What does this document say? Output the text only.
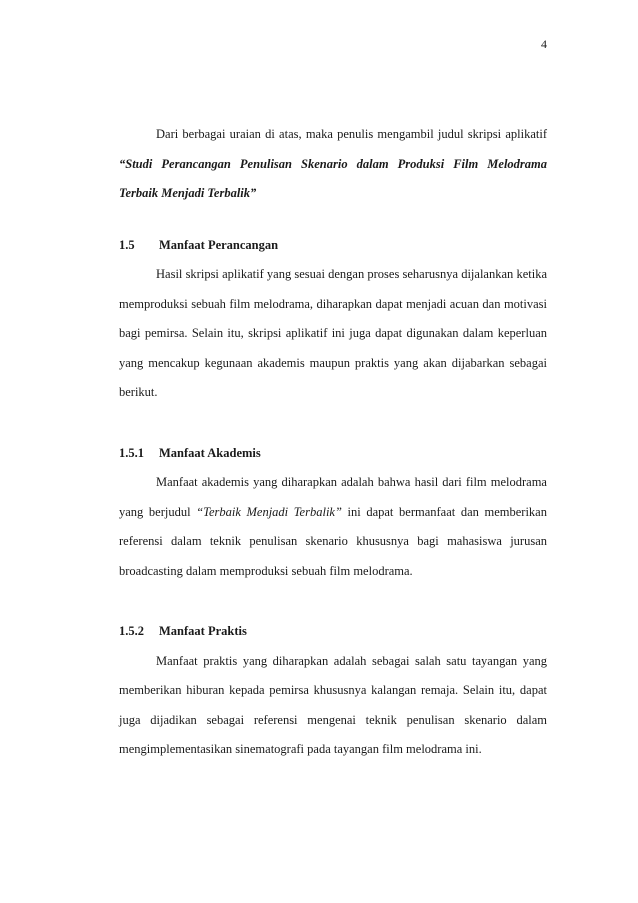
4

Dari berbagai uraian di atas, maka penulis mengambil judul skripsi aplikatif “Studi Perancangan Penulisan Skenario dalam Produksi Film Melodrama Terbaik Menjadi Terbalik”

1.5	Manfaat Perancangan

Hasil skripsi aplikatif yang sesuai dengan proses seharusnya dijalankan ketika memproduksi sebuah film melodrama, diharapkan dapat menjadi acuan dan motivasi bagi pemirsa. Selain itu, skripsi aplikatif ini juga dapat digunakan dalam keperluan yang mencakup kegunaan akademis maupun praktis yang akan dijabarkan sebagai berikut.

1.5.1	Manfaat Akademis

Manfaat akademis yang diharapkan adalah bahwa hasil dari film melodrama yang berjudul “Terbaik Menjadi Terbalik” ini dapat bermanfaat dan memberikan referensi dalam teknik penulisan skenario khususnya bagi mahasiswa jurusan broadcasting dalam memproduksi sebuah film melodrama.

1.5.2	Manfaat Praktis

Manfaat praktis yang diharapkan adalah sebagai salah satu tayangan yang memberikan hiburan kepada pemirsa khususnya kalangan remaja. Selain itu, dapat juga dijadikan sebagai referensi mengenai teknik penulisan skenario dalam mengimplementasikan sinematografi pada tayangan film melodrama ini.
